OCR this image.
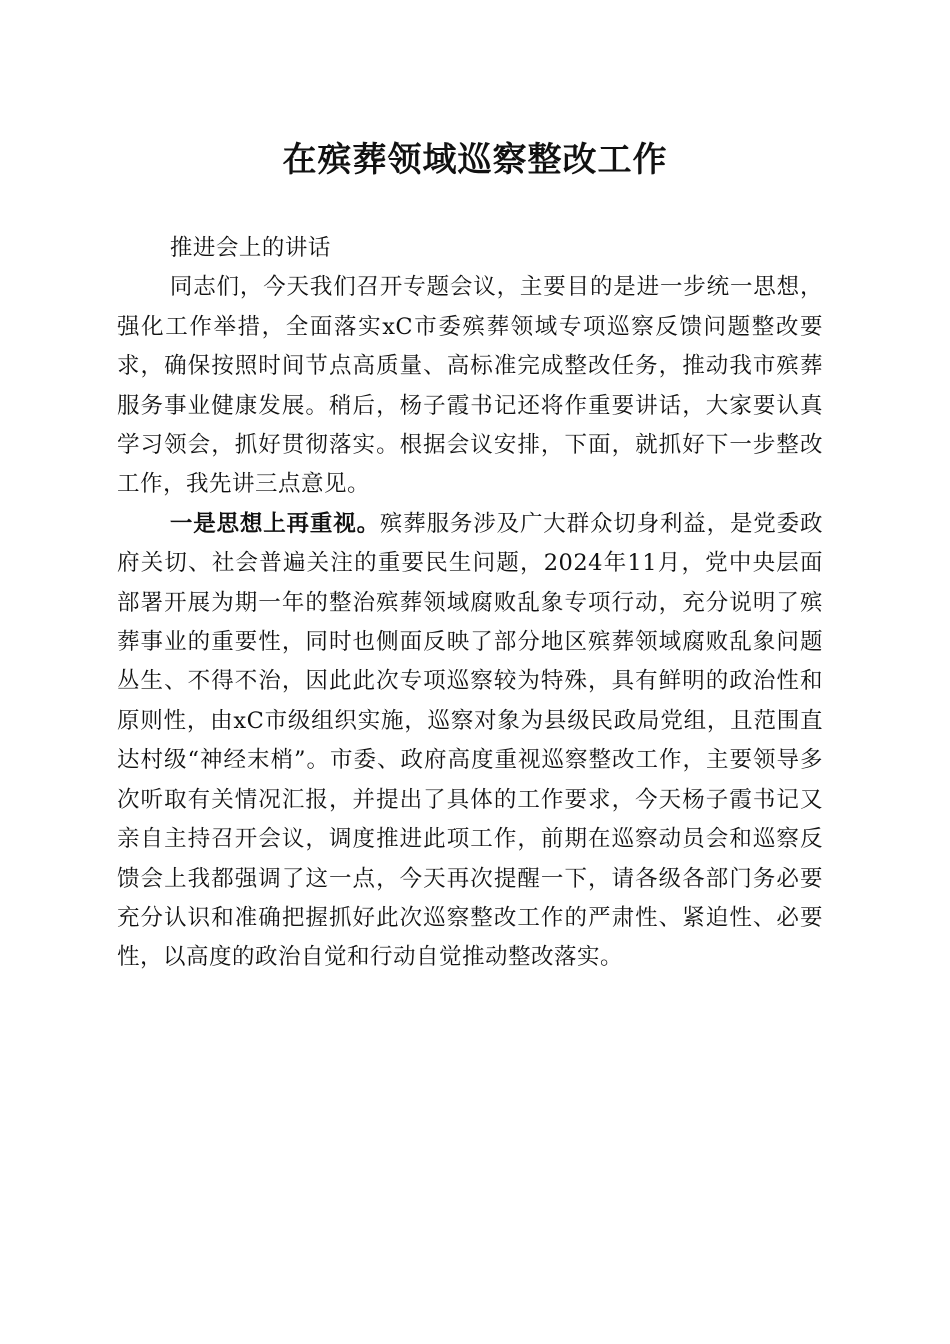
在殡葬领域巡察整改工作

推进会上的讲话

同志们，今天我们召开专题会议，主要目的是进一步统一思想，强化工作举措，全面落实xC市委殡葬领域专项巡察反馈问题整改要求，确保按照时间节点高质量、高标准完成整改任务，推动我市殡葬服务事业健康发展。稍后，杨子霞书记还将作重要讲话，大家要认真学习领会，抓好贯彻落实。根据会议安排，下面，就抓好下一步整改工作，我先讲三点意见。

一是思想上再重视。殡葬服务涉及广大群众切身利益，是党委政府关切、社会普遍关注的重要民生问题，2024年11月，党中央层面部署开展为期一年的整治殡葬领域腐败乱象专项行动，充分说明了殡葬事业的重要性，同时也侧面反映了部分地区殡葬领域腐败乱象问题丛生、不得不治，因此此次专项巡察较为特殊，具有鲜明的政治性和原则性，由xC市级组织实施，巡察对象为县级民政局党组，且范围直达村级“神经末梢”。市委、政府高度重视巡察整改工作，主要领导多次听取有关情况汇报，并提出了具体的工作要求，今天杨子霞书记又亲自主持召开会议，调度推进此项工作，前期在巡察动员会和巡察反馈会上我都强调了这一点，今天再次提醒一下，请各级各部门务必要充分认识和准确把握抓好此次巡察整改工作的严肃性、紧迫性、必要性，以高度的政治自觉和行动自觉推动整改落实。
